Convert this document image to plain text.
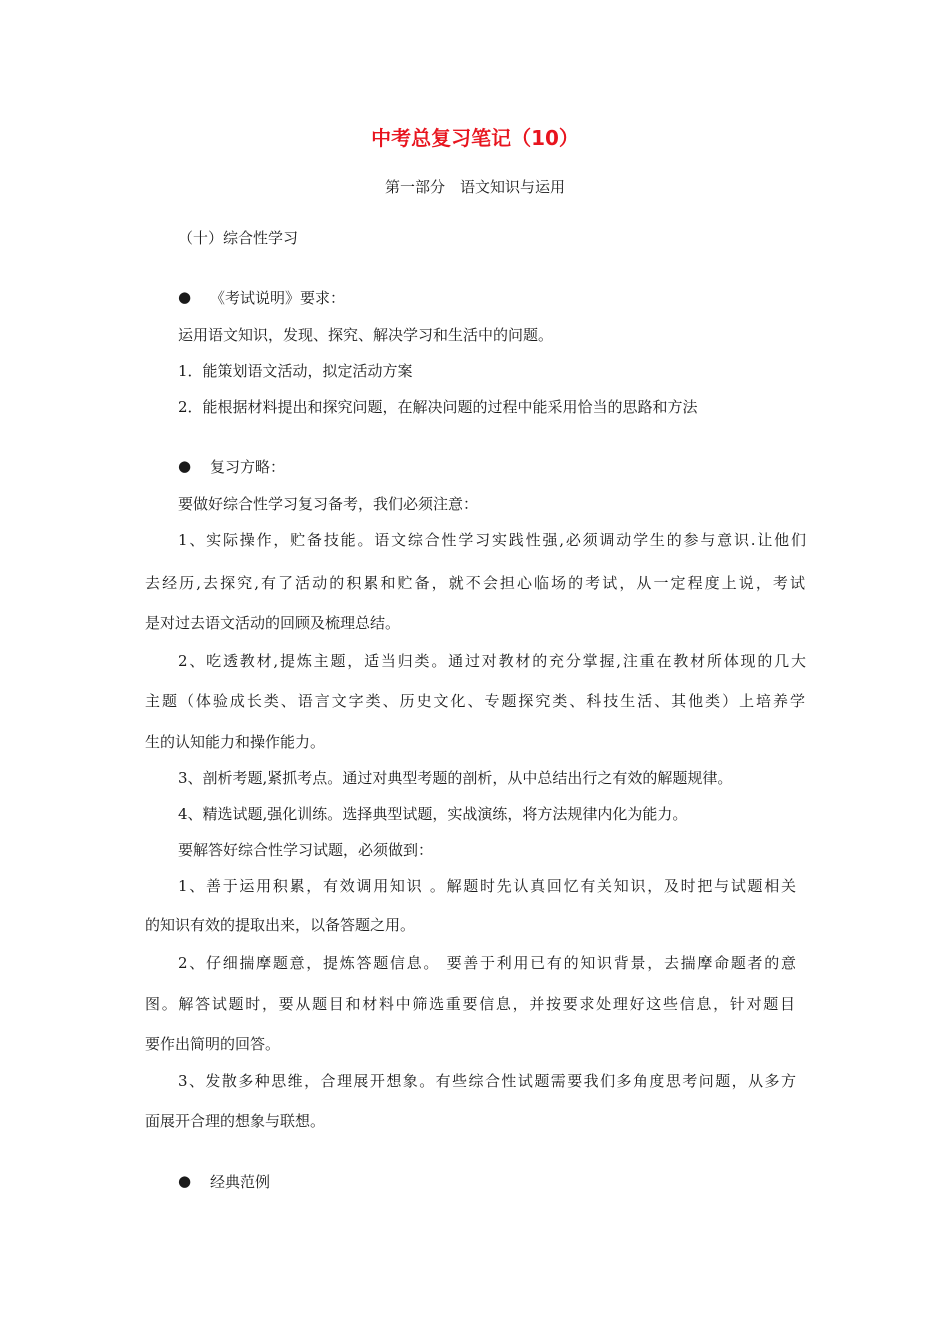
中考总复习笔记（10）
第一部分　语文知识与运用
（十）综合性学习
● 《考试说明》要求：
运用语文知识，发现、探究、解决学习和生活中的问题。
1．能策划语文活动，拟定活动方案
2．能根据材料提出和探究问题，在解决问题的过程中能采用恰当的思路和方法
● 复习方略：
要做好综合性学习复习备考，我们必须注意：
1、实际操作，贮备技能。语文综合性学习实践性强,必须调动学生的参与意识.让他们
去经历,去探究,有了活动的积累和贮备，就不会担心临场的考试，从一定程度上说，考试
是对过去语文活动的回顾及梳理总结。
2、吃透教材,提炼主题，适当归类。通过对教材的充分掌握,注重在教材所体现的几大
主题（体验成长类、语言文字类、历史文化、专题探究类、科技生活、其他类）上培养学
生的认知能力和操作能力。
3、剖析考题,紧抓考点。通过对典型考题的剖析，从中总结出行之有效的解题规律。
4、精选试题,强化训练。选择典型试题，实战演练，将方法规律内化为能力。
要解答好综合性学习试题，必须做到：
1、善于运用积累，有效调用知识 。解题时先认真回忆有关知识，及时把与试题相关
的知识有效的提取出来，以备答题之用。
2、仔细揣摩题意，提炼答题信息。 要善于利用已有的知识背景，去揣摩命题者的意
图。解答试题时，要从题目和材料中筛选重要信息，并按要求处理好这些信息，针对题目
要作出简明的回答。
3、发散多种思维，合理展开想象。有些综合性试题需要我们多角度思考问题，从多方
面展开合理的想象与联想。
● 经典范例
